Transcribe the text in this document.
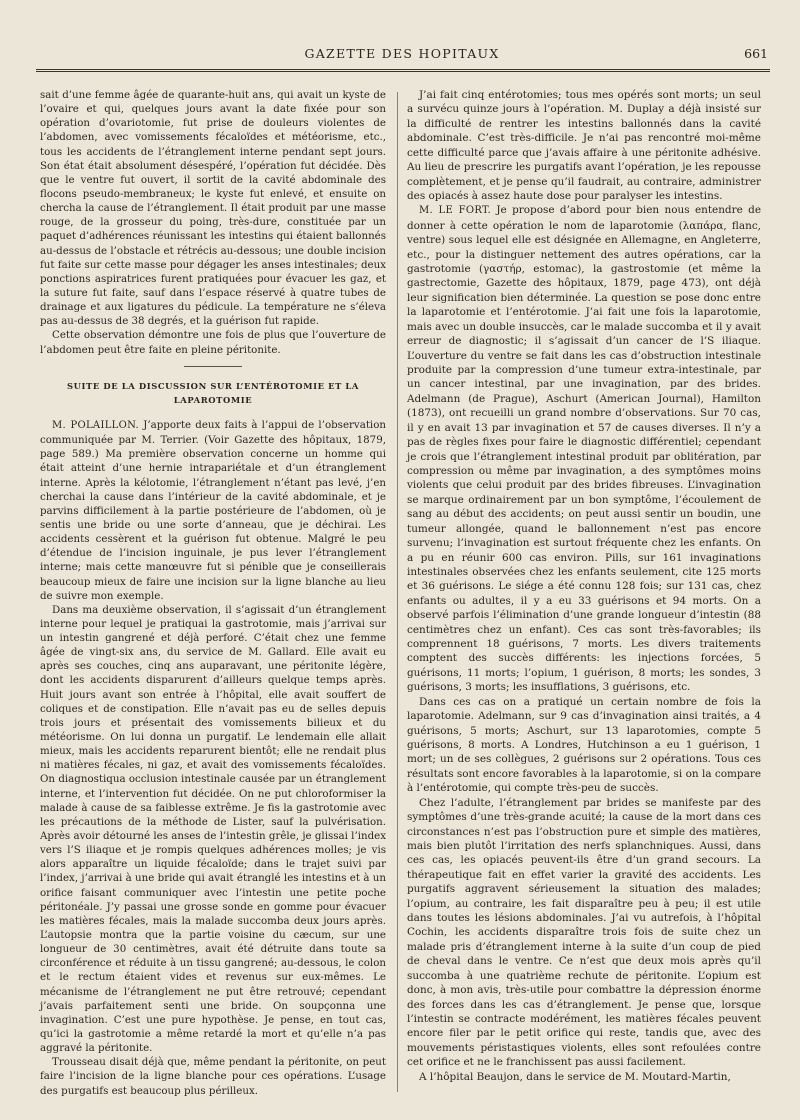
GAZETTE DES HOPITAUX	661

sait d’une femme âgée de quarante-huit ans, qui avait un kyste de l’ovaire et qui, quelques jours avant la date fixée pour son opération d’ovariotomie, fut prise de douleurs violentes de l’abdomen, avec vomissements fécaloïdes et météorisme, etc., tous les accidents de l’étranglement interne pendant sept jours. Son état était absolument désespéré, l’opération fut décidée. Dès que le ventre fut ouvert, il sortit de la cavité abdominale des flocons pseudo-membraneux; le kyste fut enlevé, et ensuite on chercha la cause de l’étranglement. Il était produit par une masse rouge, de la grosseur du poing, très-dure, constituée par un paquet d’adhérences réunissant les intestins qui étaient ballonnés au-dessus de l’obstacle et rétrécis au-dessous; une double incision fut faite sur cette masse pour dégager les anses intestinales; deux ponctions aspiratrices furent pratiquées pour évacuer les gaz, et la suture fut faite, sauf dans l’espace réservé à quatre tubes de drainage et aux ligatures du pédicule. La température ne s’éleva pas au-dessus de 38 degrés, et la guérison fut rapide.

Cette observation démontre une fois de plus que l’ouverture de l’abdomen peut être faite en pleine péritonite.

SUITE DE LA DISCUSSION SUR L’ENTÉROTOMIE ET LA LAPAROTOMIE

M. POLAILLON. J’apporte deux faits à l’appui de l’observation communiquée par M. Terrier. (Voir Gazette des hôpitaux, 1879, page 589.) Ma première observation concerne un homme qui était atteint d’une hernie intrapariétale et d’un étranglement interne. Après la kélotomie, l’étranglement n’étant pas levé, j’en cherchai la cause dans l’intérieur de la cavité abdominale, et je parvins difficilement à la partie postérieure de l’abdomen, où je sentis une bride ou une sorte d’anneau, que je déchirai. Les accidents cessèrent et la guérison fut obtenue. Malgré le peu d’étendue de l’incision inguinale, je pus lever l’étranglement interne; mais cette manœuvre fut si pénible que je conseillerais beaucoup mieux de faire une incision sur la ligne blanche au lieu de suivre mon exemple.

Dans ma deuxième observation, il s’agissait d’un étranglement interne pour lequel je pratiquai la gastrotomie, mais j’arrivai sur un intestin gangrené et déjà perforé. C’était chez une femme âgée de vingt-six ans, du service de M. Gallard. Elle avait eu après ses couches, cinq ans auparavant, une péritonite légère, dont les accidents disparurent d’ailleurs quelque temps après. Huit jours avant son entrée à l’hôpital, elle avait souffert de coliques et de constipation. Elle n’avait pas eu de selles depuis trois jours et présentait des vomissements bilieux et du météorisme. On lui donna un purgatif. Le lendemain elle allait mieux, mais les accidents reparurent bientôt; elle ne rendait plus ni matières fécales, ni gaz, et avait des vomissements fécaloïdes. On diagnostiqua occlusion intestinale causée par un étranglement interne, et l’intervention fut décidée. On ne put chloroformiser la malade à cause de sa faiblesse extrême. Je fis la gastrotomie avec les précautions de la méthode de Lister, sauf la pulvérisation. Après avoir détourné les anses de l’intestin grêle, je glissai l’index vers l’S iliaque et je rompis quelques adhérences molles; je vis alors apparaître un liquide fécaloïde; dans le trajet suivi par l’index, j’arrivai à une bride qui avait étranglé les intestins et à un orifice faisant communiquer avec l’intestin une petite poche péritonéale. J’y passai une grosse sonde en gomme pour évacuer les matières fécales, mais la malade succomba deux jours après. L’autopsie montra que la partie voisine du cæcum, sur une longueur de 30 centimètres, avait été détruite dans toute sa circonférence et réduite à un tissu gangrené; au-dessous, le colon et le rectum étaient vides et revenus sur eux-mêmes. Le mécanisme de l’étranglement ne put être retrouvé; cependant j’avais parfaitement senti une bride. On soupçonna une invagination. C’est une pure hypothèse. Je pense, en tout cas, qu’ici la gastrotomie a même retardé la mort et qu’elle n’a pas aggravé la péritonite.

Trousseau disait déjà que, même pendant la péritonite, on peut faire l’incision de la ligne blanche pour ces opérations. L’usage des purgatifs est beaucoup plus périlleux.

J’ai fait cinq entérotomies; tous mes opérés sont morts; un seul a survécu quinze jours à l’opération. M. Duplay a déjà insisté sur la difficulté de rentrer les intestins ballonnés dans la cavité abdominale. C’est très-difficile. Je n’ai pas rencontré moi-même cette difficulté parce que j’avais affaire à une péritonite adhésive. Au lieu de prescrire les purgatifs avant l’opération, je les repousse complètement, et je pense qu’il faudrait, au contraire, administrer des opiacés à assez haute dose pour paralyser les intestins.

M. LE FORT. Je propose d’abord pour bien nous entendre de donner à cette opération le nom de laparotomie (λαπάρα, flanc, ventre) sous lequel elle est désignée en Allemagne, en Angleterre, etc., pour la distinguer nettement des autres opérations, car la gastrotomie (γαστήρ, estomac), la gastrostomie (et même la gastrectomie, Gazette des hôpitaux, 1879, page 473), ont déjà leur signification bien déterminée. La question se pose donc entre la laparotomie et l’entérotomie. J’ai fait une fois la laparotomie, mais avec un double insuccès, car le malade succomba et il y avait erreur de diagnostic; il s’agissait d’un cancer de l’S iliaque. L’ouverture du ventre se fait dans les cas d’obstruction intestinale produite par la compression d’une tumeur extra-intestinale, par un cancer intestinal, par une invagination, par des brides. Adelmann (de Prague), Aschurt (American Journal), Hamilton (1873), ont recueilli un grand nombre d’observations. Sur 70 cas, il y en avait 13 par invagination et 57 de causes diverses. Il n’y a pas de règles fixes pour faire le diagnostic différentiel; cependant je crois que l’étranglement intestinal produit par oblitération, par compression ou même par invagination, a des symptômes moins violents que celui produit par des brides fibreuses. L’invagination se marque ordinairement par un bon symptôme, l’écoulement de sang au début des accidents; on peut aussi sentir un boudin, une tumeur allongée, quand le ballonnement n’est pas encore survenu; l’invagination est surtout fréquente chez les enfants. On a pu en réunir 600 cas environ. Pills, sur 161 invaginations intestinales observées chez les enfants seulement, cite 125 morts et 36 guérisons. Le siége a été connu 128 fois; sur 131 cas, chez enfants ou adultes, il y a eu 33 guérisons et 94 morts. On a observé parfois l’élimination d’une grande longueur d’intestin (88 centimètres chez un enfant). Ces cas sont très-favorables; ils comprennent 18 guérisons, 7 morts. Les divers traitements comptent des succès différents: les injections forcées, 5 guérisons, 11 morts; l’opium, 1 guérison, 8 morts; les sondes, 3 guérisons, 3 morts; les insufflations, 3 guérisons, etc.

Dans ces cas on a pratiqué un certain nombre de fois la laparotomie. Adelmann, sur 9 cas d’invagination ainsi traités, a 4 guérisons, 5 morts; Aschurt, sur 13 laparotomies, compte 5 guérisons, 8 morts. A Londres, Hutchinson a eu 1 guérison, 1 mort; un de ses collègues, 2 guérisons sur 2 opérations. Tous ces résultats sont encore favorables à la laparotomie, si on la compare à l’entérotomie, qui compte très-peu de succès.

Chez l’adulte, l’étranglement par brides se manifeste par des symptômes d’une très-grande acuité; la cause de la mort dans ces circonstances n’est pas l’obstruction pure et simple des matières, mais bien plutôt l’irritation des nerfs splanchniques. Aussi, dans ces cas, les opiacés peuvent-ils être d’un grand secours. La thérapeutique fait en effet varier la gravité des accidents. Les purgatifs aggravent sérieusement la situation des malades; l’opium, au contraire, les fait disparaître peu à peu; il est utile dans toutes les lésions abdominales. J’ai vu autrefois, à l’hôpital Cochin, les accidents disparaître trois fois de suite chez un malade pris d’étranglement interne à la suite d’un coup de pied de cheval dans le ventre. Ce n’est que deux mois après qu’il succomba à une quatrième rechute de péritonite. L’opium est donc, à mon avis, très-utile pour combattre la dépression énorme des forces dans les cas d’étranglement. Je pense que, lorsque l’intestin se contracte modérément, les matières fécales peuvent encore filer par le petit orifice qui reste, tandis que, avec des mouvements péristastiques violents, elles sont refoulées contre cet orifice et ne le franchissent pas aussi facilement.

A l’hôpital Beaujon, dans le service de M. Moutard-Martin,
